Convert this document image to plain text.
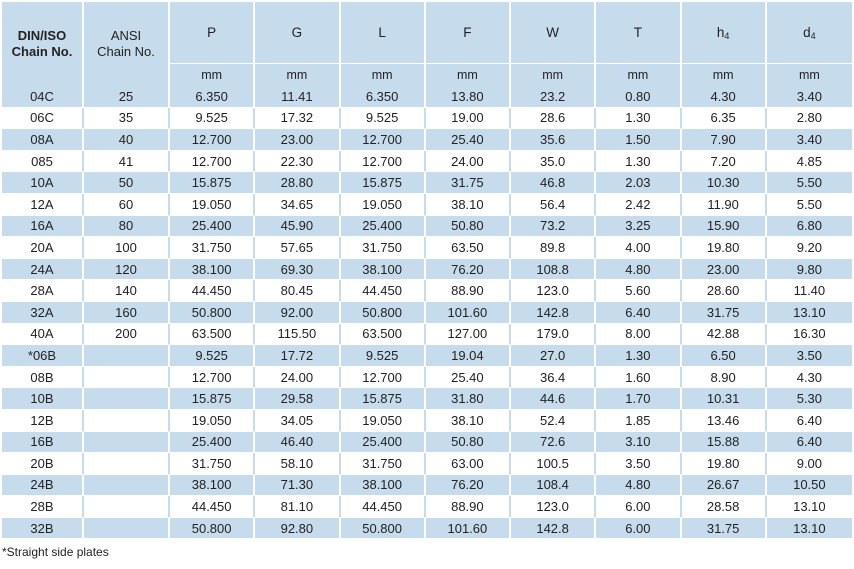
DIN/ISO
Chain No.	ANSI
Chain No.	P	G	L	F	W	T	$h_4$	$d_4$
		mm	mm	mm	mm	mm	mm	mm	mm
04C	25	6.350	11.41	6.350	13.80	23.2	0.80	4.30	3.40
06C	35	9.525	17.32	9.525	19.00	28.6	1.30	6.35	2.80
08A	40	12.700	23.00	12.700	25.40	35.6	1.50	7.90	3.40
085	41	12.700	22.30	12.700	24.00	35.0	1.30	7.20	4.85
10A	50	15.875	28.80	15.875	31.75	46.8	2.03	10.30	5.50
12A	60	19.050	34.65	19.050	38.10	56.4	2.42	11.90	5.50
16A	80	25.400	45.90	25.400	50.80	73.2	3.25	15.90	6.80
20A	100	31.750	57.65	31.750	63.50	89.8	4.00	19.80	9.20
24A	120	38.100	69.30	38.100	76.20	108.8	4.80	23.00	9.80
28A	140	44.450	80.45	44.450	88.90	123.0	5.60	28.60	11.40
32A	160	50.800	92.00	50.800	101.60	142.8	6.40	31.75	13.10
40A	200	63.500	115.50	63.500	127.00	179.0	8.00	42.88	16.30
*06B		9.525	17.72	9.525	19.04	27.0	1.30	6.50	3.50
08B		12.700	24.00	12.700	25.40	36.4	1.60	8.90	4.30
10B		15.875	29.58	15.875	31.80	44.6	1.70	10.31	5.30
12B		19.050	34.05	19.050	38.10	52.4	1.85	13.46	6.40
16B		25.400	46.40	25.400	50.80	72.6	3.10	15.88	6.40
20B		31.750	58.10	31.750	63.00	100.5	3.50	19.80	9.00
24B		38.100	71.30	38.100	76.20	108.4	4.80	26.67	10.50
28B		44.450	81.10	44.450	88.90	123.0	6.00	28.58	13.10
32B		50.800	92.80	50.800	101.60	142.8	6.00	31.75	13.10
*Straight side plates
